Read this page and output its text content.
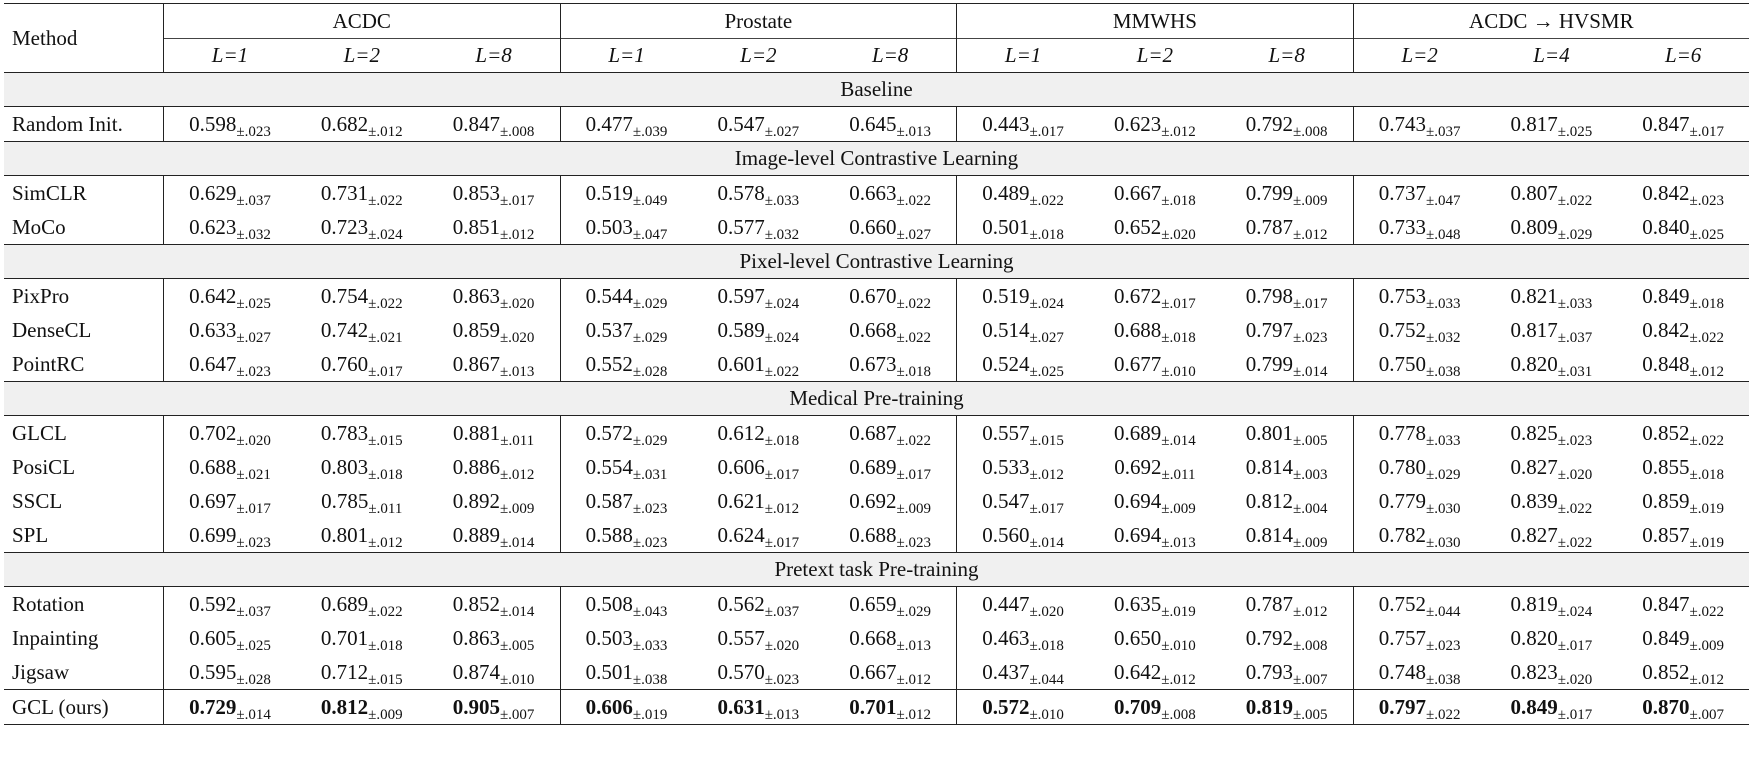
Method	ACDC			Prostate			MMWHS			ACDC → HVSMR		
	L=1	L=2	L=8	L=1	L=2	L=8	L=1	L=2	L=8	L=2	L=4	L=6
Baseline												
Random Init.	$0.598_{\pm.023}$	$0.682_{\pm.012}$	$0.847_{\pm.008}$	$0.477_{\pm.039}$	$0.547_{\pm.027}$	$0.645_{\pm.013}$	$0.443_{\pm.017}$	$0.623_{\pm.012}$	$0.792_{\pm.008}$	$0.743_{\pm.037}$	$0.817_{\pm.025}$	$0.847_{\pm.017}$
Image-level Contrastive Learning												
SimCLR	$0.629_{\pm.037}$	$0.731_{\pm.022}$	$0.853_{\pm.017}$	$0.519_{\pm.049}$	$0.578_{\pm.033}$	$0.663_{\pm.022}$	$0.489_{\pm.022}$	$0.667_{\pm.018}$	$0.799_{\pm.009}$	$0.737_{\pm.047}$	$0.807_{\pm.022}$	$0.842_{\pm.023}$
MoCo	$0.623_{\pm.032}$	$0.723_{\pm.024}$	$0.851_{\pm.012}$	$0.503_{\pm.047}$	$0.577_{\pm.032}$	$0.660_{\pm.027}$	$0.501_{\pm.018}$	$0.652_{\pm.020}$	$0.787_{\pm.012}$	$0.733_{\pm.048}$	$0.809_{\pm.029}$	$0.840_{\pm.025}$
Pixel-level Contrastive Learning												
PixPro	$0.642_{\pm.025}$	$0.754_{\pm.022}$	$0.863_{\pm.020}$	$0.544_{\pm.029}$	$0.597_{\pm.024}$	$0.670_{\pm.022}$	$0.519_{\pm.024}$	$0.672_{\pm.017}$	$0.798_{\pm.017}$	$0.753_{\pm.033}$	$0.821_{\pm.033}$	$0.849_{\pm.018}$
DenseCL	$0.633_{\pm.027}$	$0.742_{\pm.021}$	$0.859_{\pm.020}$	$0.537_{\pm.029}$	$0.589_{\pm.024}$	$0.668_{\pm.022}$	$0.514_{\pm.027}$	$0.688_{\pm.018}$	$0.797_{\pm.023}$	$0.752_{\pm.032}$	$0.817_{\pm.037}$	$0.842_{\pm.022}$
PointRC	$0.647_{\pm.023}$	$0.760_{\pm.017}$	$0.867_{\pm.013}$	$0.552_{\pm.028}$	$0.601_{\pm.022}$	$0.673_{\pm.018}$	$0.524_{\pm.025}$	$0.677_{\pm.010}$	$0.799_{\pm.014}$	$0.750_{\pm.038}$	$0.820_{\pm.031}$	$0.848_{\pm.012}$
Medical Pre-training												
GLCL	$0.702_{\pm.020}$	$0.783_{\pm.015}$	$0.881_{\pm.011}$	$0.572_{\pm.029}$	$0.612_{\pm.018}$	$0.687_{\pm.022}$	$0.557_{\pm.015}$	$0.689_{\pm.014}$	$0.801_{\pm.005}$	$0.778_{\pm.033}$	$0.825_{\pm.023}$	$0.852_{\pm.022}$
PosiCL	$0.688_{\pm.021}$	$0.803_{\pm.018}$	$0.886_{\pm.012}$	$0.554_{\pm.031}$	$0.606_{\pm.017}$	$0.689_{\pm.017}$	$0.533_{\pm.012}$	$0.692_{\pm.011}$	$0.814_{\pm.003}$	$0.780_{\pm.029}$	$0.827_{\pm.020}$	$0.855_{\pm.018}$
SSCL	$0.697_{\pm.017}$	$0.785_{\pm.011}$	$0.892_{\pm.009}$	$0.587_{\pm.023}$	$0.621_{\pm.012}$	$0.692_{\pm.009}$	$0.547_{\pm.017}$	$0.694_{\pm.009}$	$0.812_{\pm.004}$	$0.779_{\pm.030}$	$0.839_{\pm.022}$	$0.859_{\pm.019}$
SPL	$0.699_{\pm.023}$	$0.801_{\pm.012}$	$0.889_{\pm.014}$	$0.588_{\pm.023}$	$0.624_{\pm.017}$	$0.688_{\pm.023}$	$0.560_{\pm.014}$	$0.694_{\pm.013}$	$0.814_{\pm.009}$	$0.782_{\pm.030}$	$0.827_{\pm.022}$	$0.857_{\pm.019}$
Pretext task Pre-training												
Rotation	$0.592_{\pm.037}$	$0.689_{\pm.022}$	$0.852_{\pm.014}$	$0.508_{\pm.043}$	$0.562_{\pm.037}$	$0.659_{\pm.029}$	$0.447_{\pm.020}$	$0.635_{\pm.019}$	$0.787_{\pm.012}$	$0.752_{\pm.044}$	$0.819_{\pm.024}$	$0.847_{\pm.022}$
Inpainting	$0.605_{\pm.025}$	$0.701_{\pm.018}$	$0.863_{\pm.005}$	$0.503_{\pm.033}$	$0.557_{\pm.020}$	$0.668_{\pm.013}$	$0.463_{\pm.018}$	$0.650_{\pm.010}$	$0.792_{\pm.008}$	$0.757_{\pm.023}$	$0.820_{\pm.017}$	$0.849_{\pm.009}$
Jigsaw	$0.595_{\pm.028}$	$0.712_{\pm.015}$	$0.874_{\pm.010}$	$0.501_{\pm.038}$	$0.570_{\pm.023}$	$0.667_{\pm.012}$	$0.437_{\pm.044}$	$0.642_{\pm.012}$	$0.793_{\pm.007}$	$0.748_{\pm.038}$	$0.823_{\pm.020}$	$0.852_{\pm.012}$
GCL (ours)	$0.729_{\pm.014}$	$0.812_{\pm.009}$	$0.905_{\pm.007}$	$0.606_{\pm.019}$	$0.631_{\pm.013}$	$0.701_{\pm.012}$	$0.572_{\pm.010}$	$0.709_{\pm.008}$	$0.819_{\pm.005}$	$0.797_{\pm.022}$	$0.849_{\pm.017}$	$0.870_{\pm.007}$
